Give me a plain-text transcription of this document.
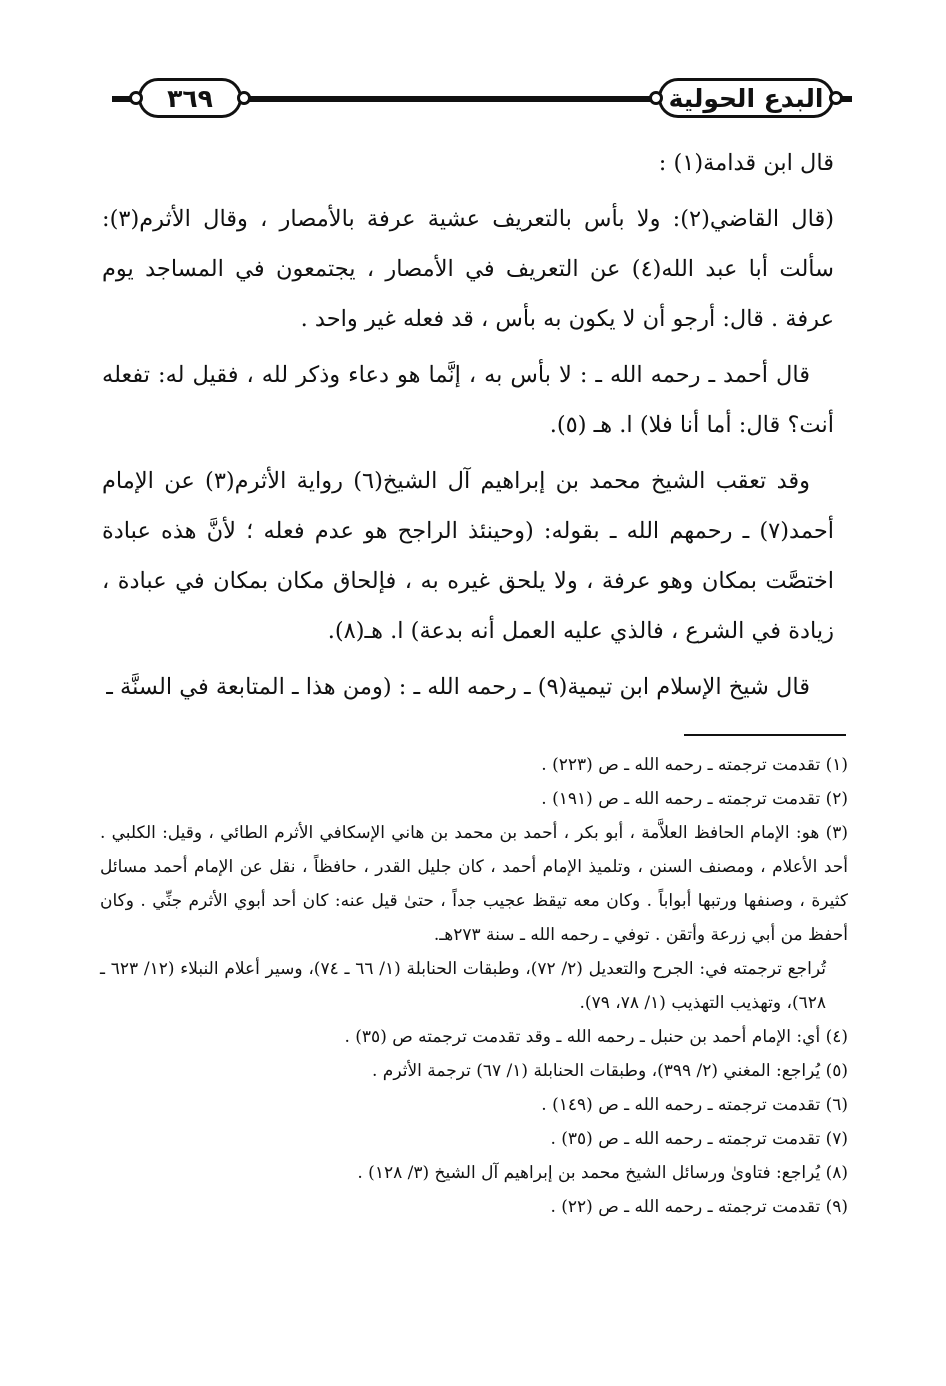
البدع الحولية
٣٦٩

قال ابن قدامة(١) :

(قال القاضي(٢): ولا بأس بالتعريف عشية عرفة بالأمصار ، وقال الأثرم(٣): سألت أبا عبد الله(٤) عن التعريف في الأمصار ، يجتمعون في المساجد يوم عرفة . قال: أرجو أن لا يكون به بأس ، قد فعله غير واحد .

قال أحمد ـ رحمه الله ـ : لا بأس به ، إنَّما هو دعاء وذكر لله ، فقيل له: تفعله أنت؟ قال: أما أنا فلا) ا. هـ (٥).

وقد تعقب الشيخ محمد بن إبراهيم آل الشيخ(٦) رواية الأثرم(٣) عن الإمام أحمد(٧) ـ رحمهم الله ـ بقوله: (وحينئذ الراجح هو عدم فعله ؛ لأنَّ هذه عبادة اختصَّت بمكان وهو عرفة ، ولا يلحق غيره به ، فإلحاق مكان بمكان في عبادة ، زيادة في الشرع ، فالذي عليه العمل أنه بدعة) ا. هـ(٨).

قال شيخ الإسلام ابن تيمية(٩) ـ رحمه الله ـ : (ومن هذا ـ المتابعة في السنَّة ـ

(١) تقدمت ترجمته ـ رحمه الله ـ ص (٢٢٣) .

(٢) تقدمت ترجمته ـ رحمه الله ـ ص (١٩١) .

(٣) هو: الإمام الحافظ العلاَّمة ، أبو بكر ، أحمد بن محمد بن هاني الإسكافي الأثرم الطائي ، وقيل: الكلبي . أحد الأعلام ، ومصنف السنن ، وتلميذ الإمام أحمد ، كان جليل القدر ، حافظاً ، نقل عن الإمام أحمد مسائل كثيرة ، وصنفها ورتبها أبواباً . وكان معه تيقظ عجيب جداً ، حتىٰ قيل عنه: كان أحد أبوي الأثرم جنِّي . وكان أحفظ من أبي زرعة وأتقن . توفي ـ رحمه الله ـ سنة ٢٧٣هـ.

تُراجع ترجمته في: الجرح والتعديل (٢/ ٧٢)، وطبقات الحنابلة (١/ ٦٦ ـ ٧٤)، وسير أعلام النبلاء (١٢/ ٦٢٣ ـ ٦٢٨)، وتهذيب التهذيب (١/ ٧٨، ٧٩).

(٤) أي: الإمام أحمد بن حنبل ـ رحمه الله ـ وقد تقدمت ترجمته ص (٣٥) .

(٥) يُراجع: المغني (٢/ ٣٩٩)، وطبقات الحنابلة (١/ ٦٧) ترجمة الأثرم .

(٦) تقدمت ترجمته ـ رحمه الله ـ ص (١٤٩) .

(٧) تقدمت ترجمته ـ رحمه الله ـ ص (٣٥) .

(٨) يُراجع: فتاوىٰ ورسائل الشيخ محمد بن إبراهيم آل الشيخ (٣/ ١٢٨) .

(٩) تقدمت ترجمته ـ رحمه الله ـ ص (٢٢) .
